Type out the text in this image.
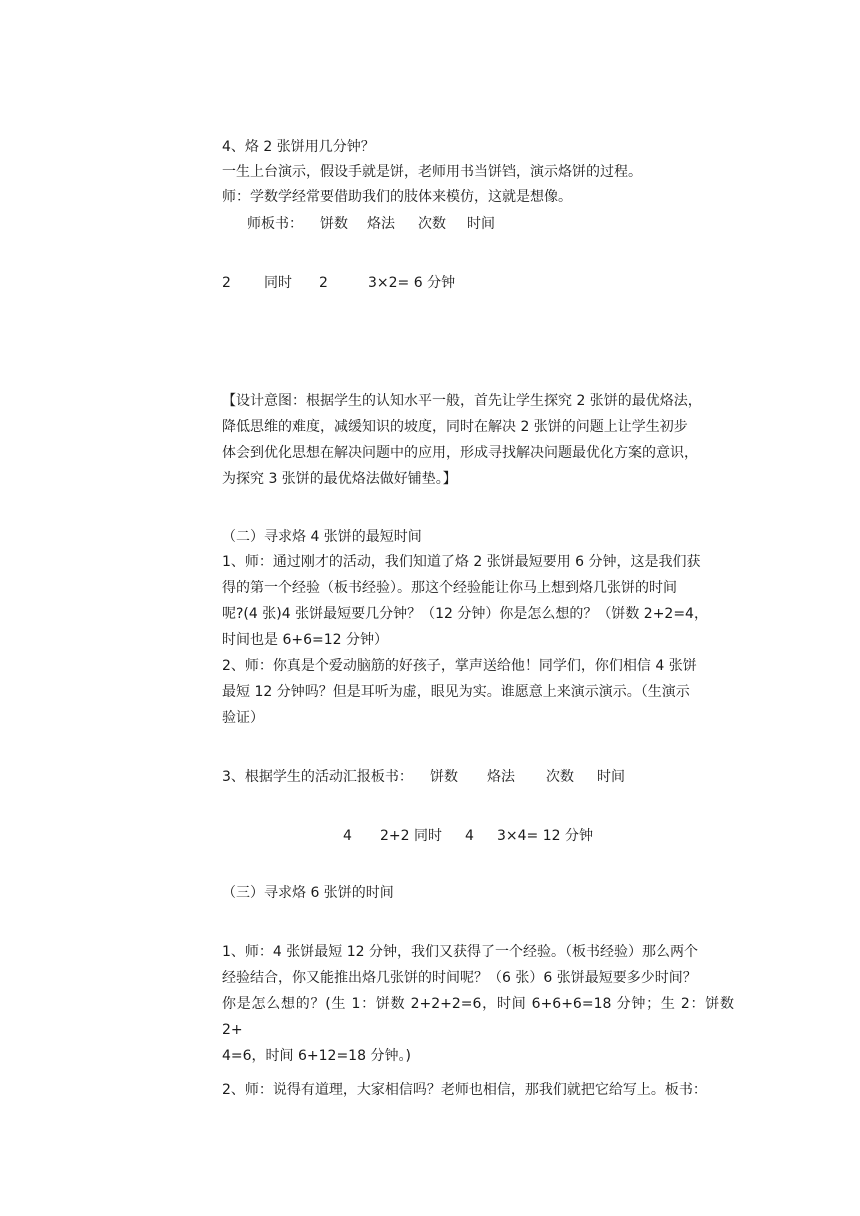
4、烙 2 张饼用几分钟？
一生上台演示，假设手就是饼，老师用书当饼铛，演示烙饼的过程。
师：学数学经常要借助我们的肢体来模仿，这就是想像。
师板书： 饼数 烙法 次数 时间
2 同时 2	3×2= 6 分钟

【设计意图：根据学生的认知水平一般，首先让学生探究 2 张饼的最优烙法，

降低思维的难度，减缓知识的坡度，同时在解决 2 张饼的问题上让学生初步

体会到优化思想在解决问题中的应用，形成寻找解决问题最优化方案的意识，

为探究 3 张饼的最优烙法做好铺垫。】

（二）寻求烙 4 张饼的最短时间

1、师：通过刚才的活动，我们知道了烙 2 张饼最短要用 6 分钟，这是我们获

得的第一个经验（板书经验）。那这个经验能让你马上想到烙几张饼的时间

呢?(4 张)4 张饼最短要几分钟？（12 分钟）你是怎么想的？（饼数 2+2=4，

时间也是 6+6=12 分钟）

2、师：你真是个爱动脑筋的好孩子，掌声送给他！同学们，你们相信 4 张饼

最短 12 分钟吗？但是耳听为虚，眼见为实。谁愿意上来演示演示。（生演示

验证）

3、根据学生的活动汇报板书： 饼数 烙法 次数 时间
4 2+2 同时 4 3×4= 12 分钟
（三）寻求烙 6 张饼的时间

1、师：4 张饼最短 12 分钟，我们又获得了一个经验。（板书经验）那么两个

经验结合，你又能推出烙几张饼的时间呢？（6 张）6 张饼最短要多少时间？

你是怎么想的？(生 1：饼数 2+2+2=6，时间 6+6+6=18 分钟；生 2：饼数 2+

4=6，时间 6+12=18 分钟。)

2、师：说得有道理，大家相信吗？老师也相信，那我们就把它给写上。板书：
